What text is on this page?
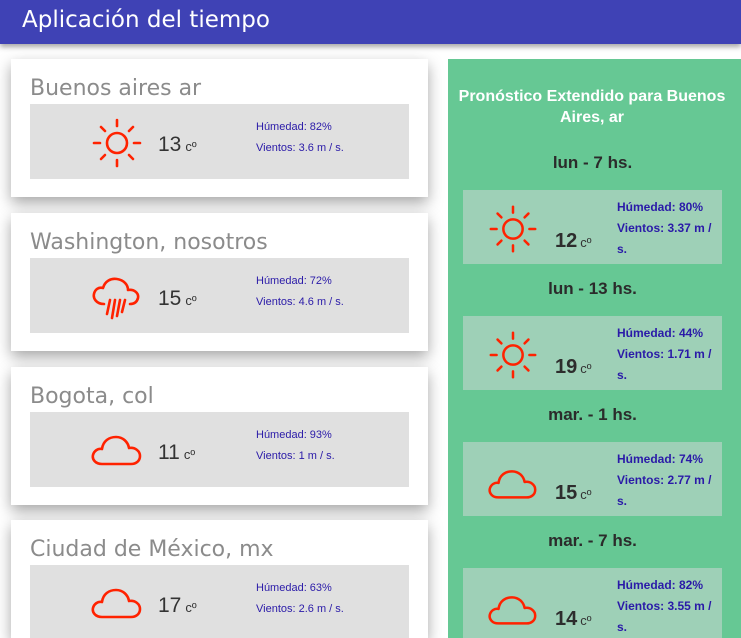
Aplicación del tiempo
Buenos aires ar
13 cº
Húmedad: 82%
Vientos: 3.6 m / s.
Washington, nosotros
15 cº
Húmedad: 72%
Vientos: 4.6 m / s.
Bogota, col
11 cº
Húmedad: 93%
Vientos: 1 m / s.
Ciudad de México, mx
17 cº
Húmedad: 63%
Vientos: 2.6 m / s.
Pronóstico Extendido para Buenos Aires, ar
lun - 7 hs.
12 cº
Húmedad: 80%
Vientos: 3.37 m / s.
lun - 13 hs.
19 cº
Húmedad: 44%
Vientos: 1.71 m / s.
mar. - 1 hs.
15 cº
Húmedad: 74%
Vientos: 2.77 m / s.
mar. - 7 hs.
14 cº
Húmedad: 82%
Vientos: 3.55 m / s.
